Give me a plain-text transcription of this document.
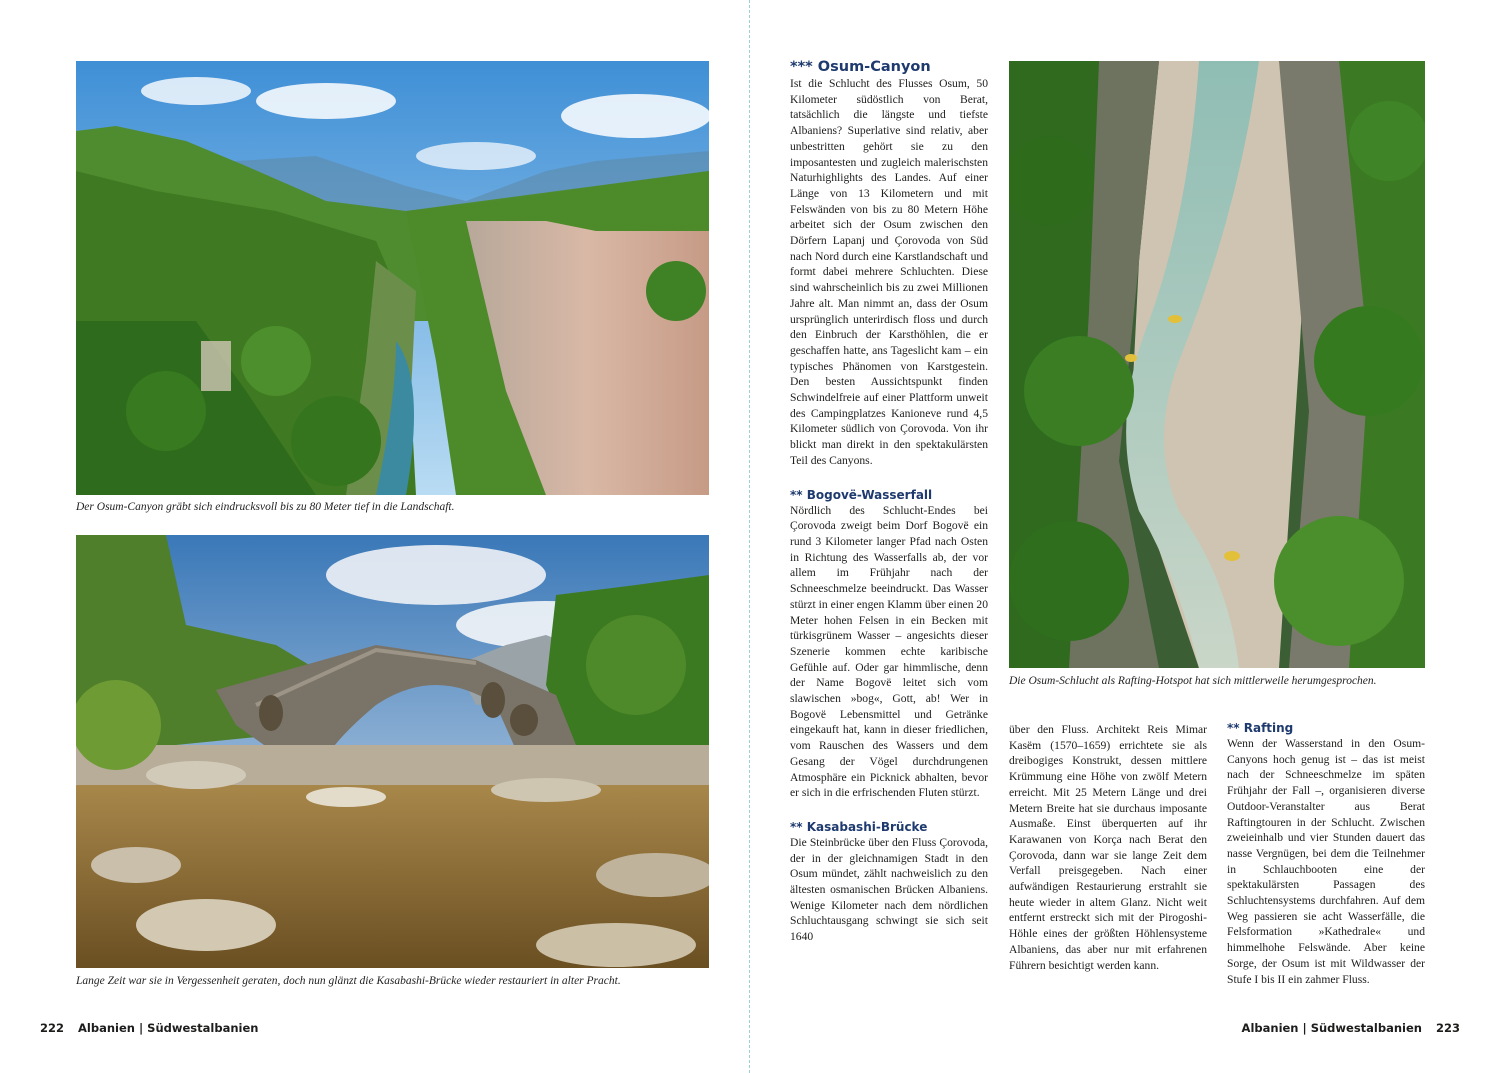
Der Osum-Canyon gräbt sich eindrucksvoll bis zu 80 Meter tief in die Landschaft.
Lange Zeit war sie in Vergessenheit geraten, doch nun glänzt die Kasabashi-Brücke wieder restauriert in alter Pracht.
222 Albanien | Südwestalbanien
*** Osum-Canyon

Ist die Schlucht des Flusses Osum, 50 Kilometer südöstlich von Berat, tatsächlich die längste und tiefste Albaniens? Superlative sind relativ, aber unbestritten gehört sie zu den imposantesten und zugleich malerischsten Naturhighlights des Landes. Auf einer Länge von 13 Kilometern und mit Felswänden von bis zu 80 Metern Höhe arbeitet sich der Osum zwischen den Dörfern Lapanj und Çorovoda von Süd nach Nord durch eine Karstlandschaft und formt dabei mehrere Schluchten. Diese sind wahrscheinlich bis zu zwei Millionen Jahre alt. Man nimmt an, dass der Osum ursprünglich unterirdisch floss und durch den Einbruch der Karsthöhlen, die er geschaffen hatte, ans Tageslicht kam – ein typisches Phänomen von Karstgestein. Den besten Aussichtspunkt finden Schwindelfreie auf einer Plattform unweit des Campingplatzes Kanioneve rund 4,5 Kilometer südlich von Çorovoda. Von ihr blickt man direkt in den spektakulärsten Teil des Canyons.

** Bogovë-Wasserfall

Nördlich des Schlucht-Endes bei Çorovoda zweigt beim Dorf Bogovë ein rund 3 Kilometer langer Pfad nach Osten in Richtung des Wasserfalls ab, der vor allem im Frühjahr nach der Schneeschmelze beeindruckt. Das Wasser stürzt in einer engen Klamm über einen 20 Meter hohen Felsen in ein Becken mit türkisgrünem Wasser – angesichts dieser Szenerie kommen echte karibische Gefühle auf. Oder gar himmlische, denn der Name Bogovë leitet sich vom slawischen »bog«, Gott, ab! Wer in Bogovë Lebensmittel und Getränke eingekauft hat, kann in dieser friedlichen, vom Rauschen des Wassers und dem Gesang der Vögel durchdrungenen Atmosphäre ein Picknick abhalten, bevor er sich in die erfrischenden Fluten stürzt.

** Kasabashi-Brücke

Die Steinbrücke über den Fluss Çorovoda, der in der gleichnamigen Stadt in den Osum mündet, zählt nachweislich zu den ältesten osmanischen Brücken Albaniens. Wenige Kilometer nach dem nördlichen Schluchtausgang schwingt sie sich seit 1640

Die Osum-Schlucht als Rafting-Hotspot hat sich mittlerweile herumgesprochen.

über den Fluss. Architekt Reis Mimar Kasëm (1570–1659) errichtete sie als dreibogiges Konstrukt, dessen mittlere Krümmung eine Höhe von zwölf Metern erreicht. Mit 25 Metern Länge und drei Metern Breite hat sie durchaus imposante Ausmaße. Einst überquerten auf ihr Karawanen von Korça nach Berat den Çorovoda, dann war sie lange Zeit dem Verfall preisgegeben. Nach einer aufwändigen Restaurierung erstrahlt sie heute wieder in altem Glanz. Nicht weit entfernt erstreckt sich mit der Pirogoshi-Höhle eines der größten Höhlensysteme Albaniens, das aber nur mit erfahrenen Führern besichtigt werden kann.

** Rafting

Wenn der Wasserstand in den Osum-Canyons hoch genug ist – das ist meist nach der Schneeschmelze im späten Frühjahr der Fall –, organisieren diverse Outdoor-Veranstalter aus Berat Raftingtouren in der Schlucht. Zwischen zweieinhalb und vier Stunden dauert das nasse Vergnügen, bei dem die Teilnehmer in Schlauchbooten eine der spektakulärsten Passagen des Schluchtensystems durchfahren. Auf dem Weg passieren sie acht Wasserfälle, die Felsformation »Kathedrale« und himmelhohe Felswände. Aber keine Sorge, der Osum ist mit Wildwasser der Stufe I bis II ein zahmer Fluss.

Albanien | Südwestalbanien 223
